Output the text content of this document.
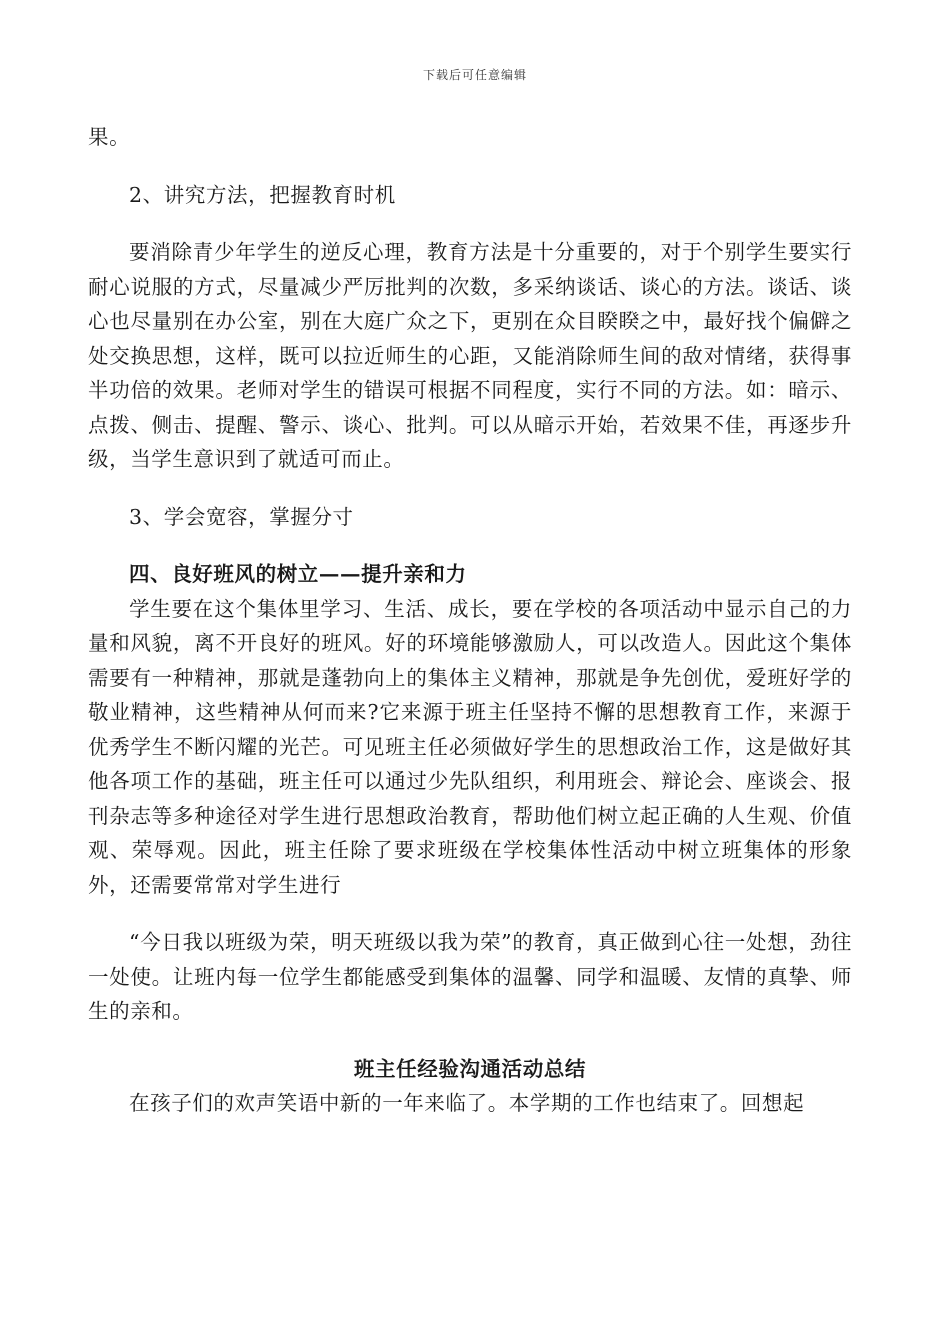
下载后可任意编辑

果。

2、讲究方法，把握教育时机

要消除青少年学生的逆反心理，教育方法是十分重要的，对于个别学生要实行耐心说服的方式，尽量减少严厉批判的次数，多采纳谈话、谈心的方法。谈话、谈心也尽量别在办公室，别在大庭广众之下，更别在众目睽睽之中，最好找个偏僻之处交换思想，这样，既可以拉近师生的心距，又能消除师生间的敌对情绪，获得事半功倍的效果。老师对学生的错误可根据不同程度，实行不同的方法。如：暗示、点拨、侧击、提醒、警示、谈心、批判。可以从暗示开始，若效果不佳，再逐步升级，当学生意识到了就适可而止。

3、学会宽容，掌握分寸

四、良好班风的树立——提升亲和力

学生要在这个集体里学习、生活、成长，要在学校的各项活动中显示自己的力量和风貌，离不开良好的班风。好的环境能够激励人，可以改造人。因此这个集体需要有一种精神，那就是蓬勃向上的集体主义精神，那就是争先创优，爱班好学的敬业精神，这些精神从何而来?它来源于班主任坚持不懈的思想教育工作，来源于优秀学生不断闪耀的光芒。可见班主任必须做好学生的思想政治工作，这是做好其他各项工作的基础，班主任可以通过少先队组织，利用班会、辩论会、座谈会、报刊杂志等多种途径对学生进行思想政治教育，帮助他们树立起正确的人生观、价值观、荣辱观。因此，班主任除了要求班级在学校集体性活动中树立班集体的形象外，还需要常常对学生进行

“今日我以班级为荣，明天班级以我为荣”的教育，真正做到心往一处想，劲往一处使。让班内每一位学生都能感受到集体的温馨、同学和温暖、友情的真挚、师生的亲和。

班主任经验沟通活动总结

在孩子们的欢声笑语中新的一年来临了。本学期的工作也结束了。回想起
